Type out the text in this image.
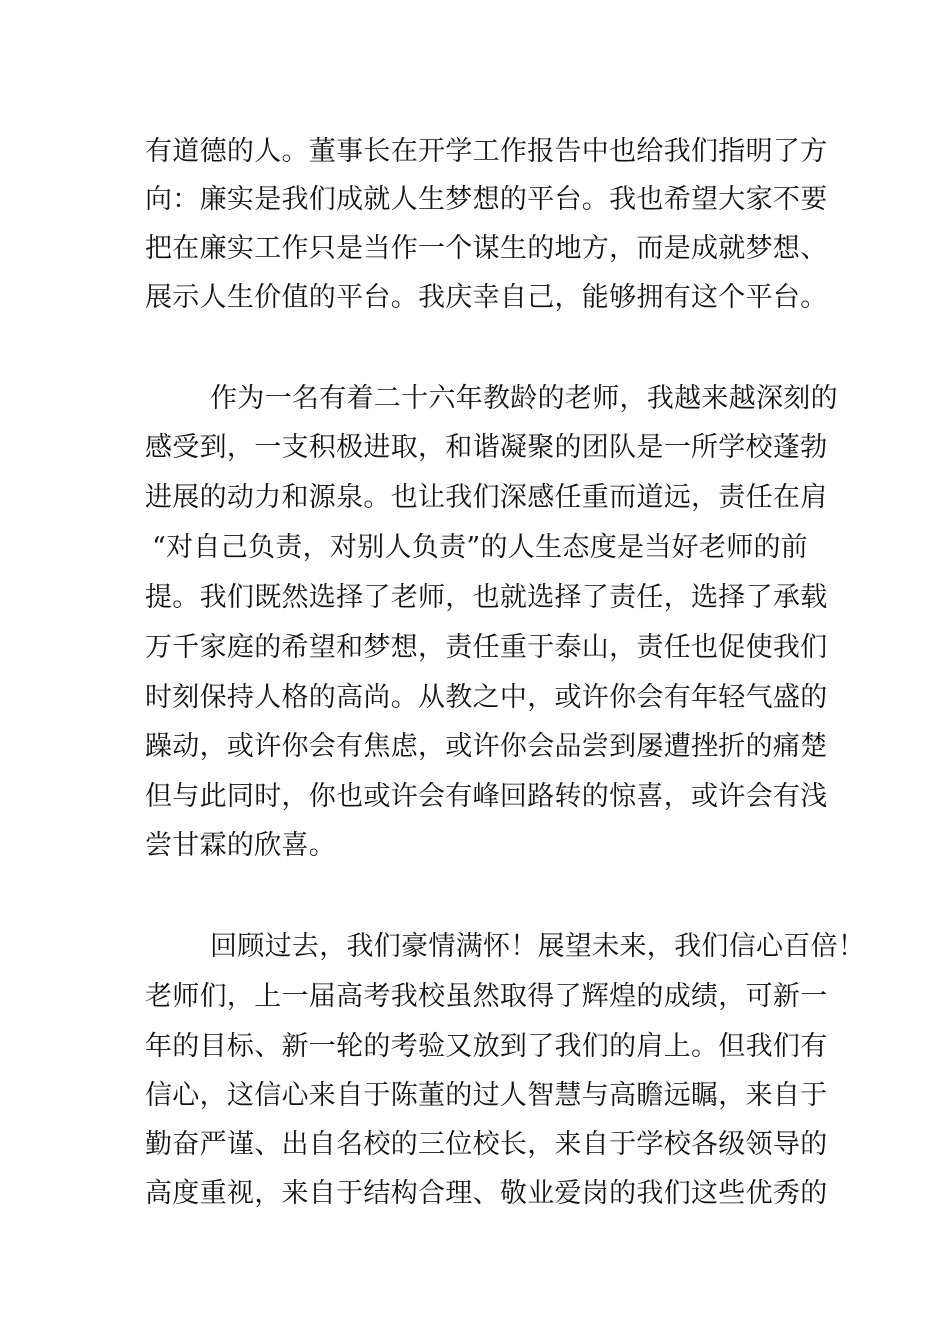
有道德的人。董事长在开学工作报告中也给我们指明了方
向：廉实是我们成就人生梦想的平台。我也希望大家不要
把在廉实工作只是当作一个谋生的地方，而是成就梦想、
展示人生价值的平台。我庆幸自己，能够拥有这个平台。
作为一名有着二十六年教龄的老师，我越来越深刻的
感受到，一支积极进取，和谐凝聚的团队是一所学校蓬勃
进展的动力和源泉。也让我们深感任重而道远，责任在肩
“对自己负责，对别人负责”的人生态度是当好老师的前
提。我们既然选择了老师，也就选择了责任，选择了承载
万千家庭的希望和梦想，责任重于泰山，责任也促使我们
时刻保持人格的高尚。从教之中，或许你会有年轻气盛的
躁动，或许你会有焦虑，或许你会品尝到屡遭挫折的痛楚
但与此同时，你也或许会有峰回路转的惊喜，或许会有浅
尝甘霖的欣喜。
回顾过去，我们豪情满怀！展望未来，我们信心百倍！
老师们，上一届高考我校虽然取得了辉煌的成绩，可新一
年的目标、新一轮的考验又放到了我们的肩上。但我们有
信心，这信心来自于陈董的过人智慧与高瞻远瞩，来自于
勤奋严谨、出自名校的三位校长，来自于学校各级领导的
高度重视，来自于结构合理、敬业爱岗的我们这些优秀的
